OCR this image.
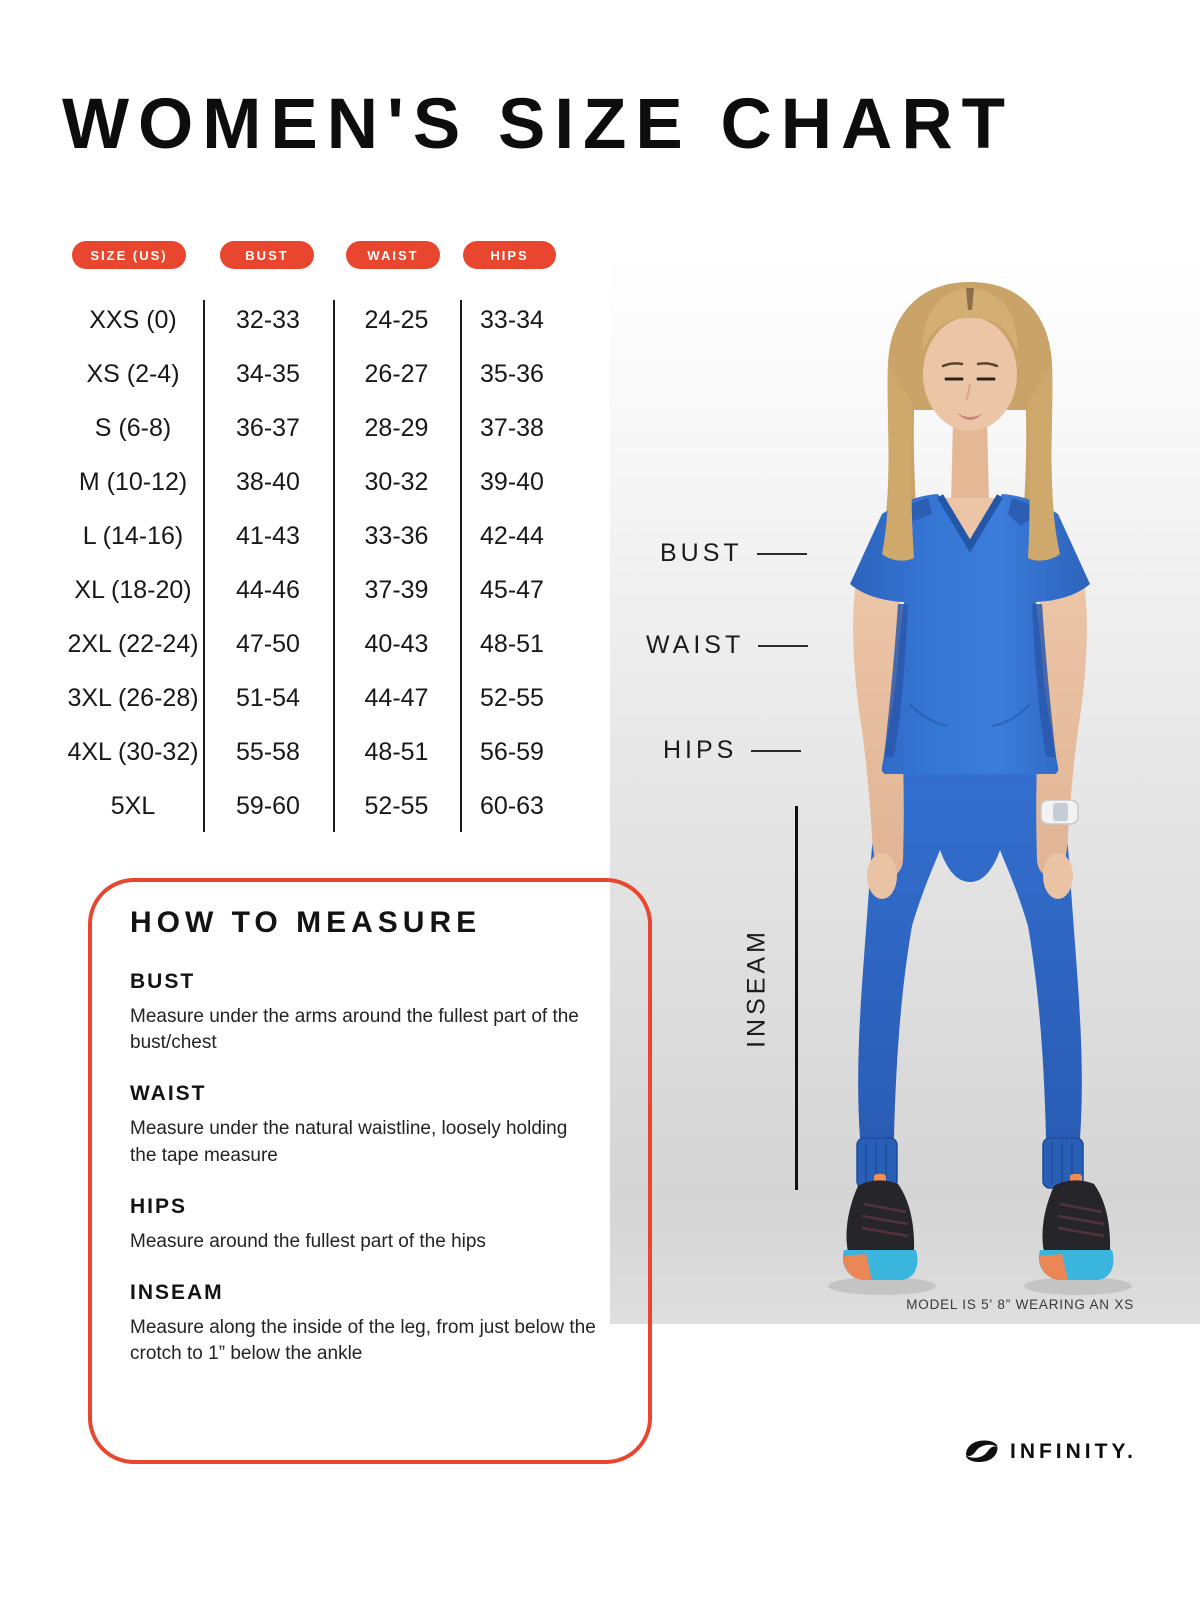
WOMEN'S SIZE CHART
SIZE (US)	BUST	WAIST	HIPS
XXS (0)	32-33	24-25	33-34
XS (2-4)	34-35	26-27	35-36
S (6-8)	36-37	28-29	37-38
M (10-12)	38-40	30-32	39-40
L (14-16)	41-43	33-36	42-44
XL (18-20)	44-46	37-39	45-47
2XL (22-24)	47-50	40-43	48-51
3XL (26-28)	51-54	44-47	52-55
4XL (30-32)	55-58	48-51	56-59
5XL	59-60	52-55	60-63
BUST
WAIST
HIPS
INSEAM
HOW TO MEASURE

BUST

Measure under the arms around the fullest part of the bust/chest

WAIST

Measure under the natural waistline, loosely holding the tape measure

HIPS

Measure around the fullest part of the hips

INSEAM

Measure along the inside of the leg, from just below the crotch to 1” below the ankle

MODEL IS 5' 8” WEARING AN XS
INFINITY.
